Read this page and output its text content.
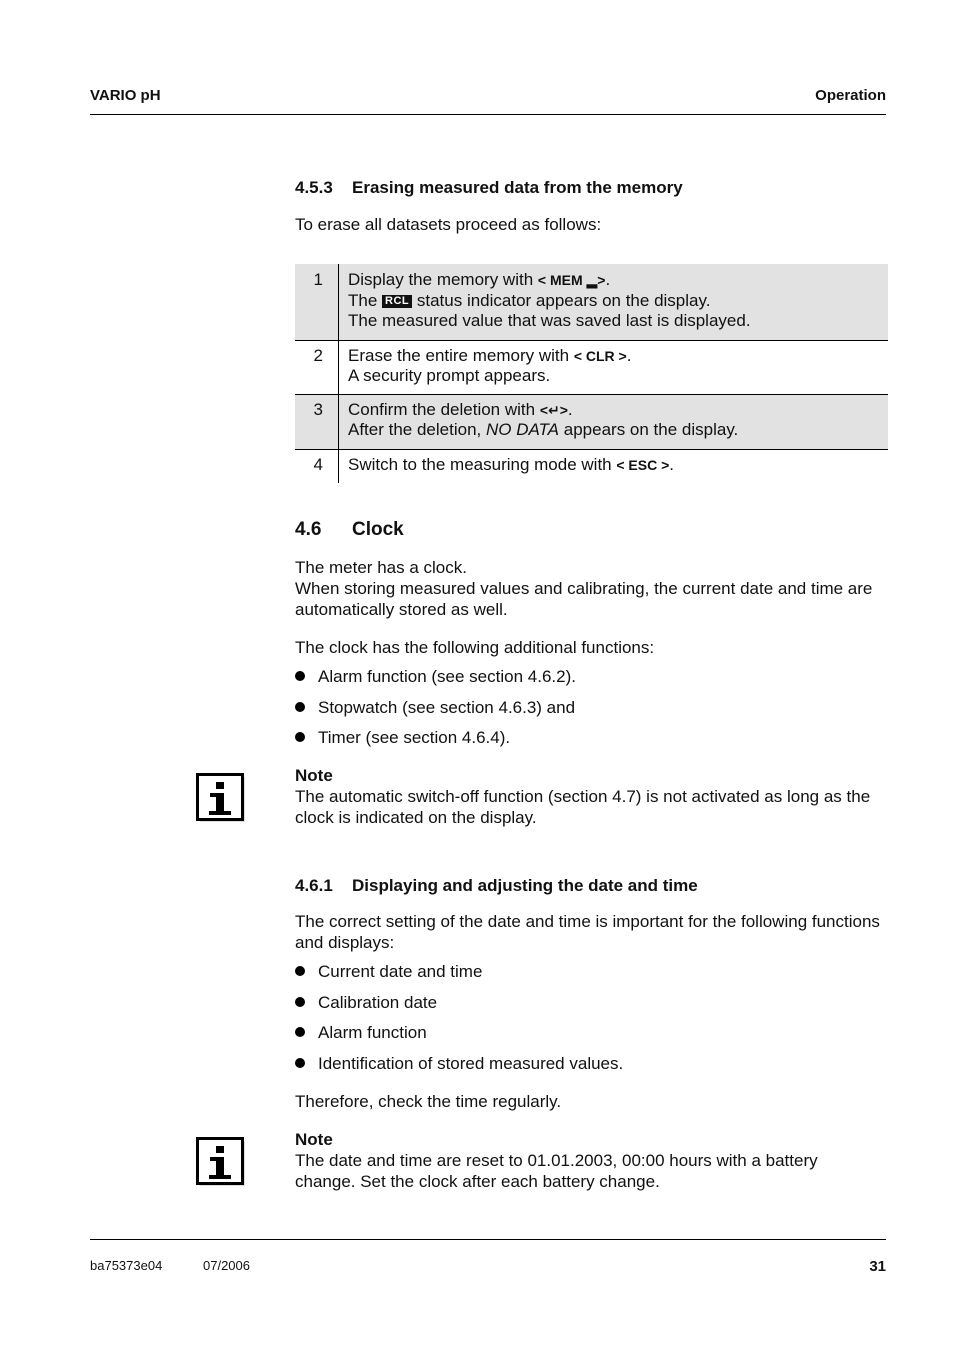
VARIO pH	Operation
4.5.3 Erasing measured data from the memory
To erase all datasets proceed as follows:
1	Display the memory with < MEM ▂>.
The RCL status indicator appears on the display.
The measured value that was saved last is displayed.

2	Erase the entire memory with < CLR >.
A security prompt appears.

3	Confirm the deletion with <↵>.
After the deletion, NO DATA appears on the display.

4	Switch to the measuring mode with < ESC >.
4.6 Clock
The meter has a clock.
When storing measured values and calibrating, the current date and time are automatically stored as well.
The clock has the following additional functions:
Alarm function (see section 4.6.2).
Stopwatch (see section 4.6.3) and
Timer (see section 4.6.4).
Note
The automatic switch-off function (section 4.7) is not activated as long as the clock is indicated on the display.
4.6.1 Displaying and adjusting the date and time
The correct setting of the date and time is important for the following functions and displays:
Current date and time
Calibration date
Alarm function
Identification of stored measured values.
Therefore, check the time regularly.
Note
The date and time are reset to 01.01.2003, 00:00 hours with a battery change. Set the clock after each battery change.
ba75373e04	07/2006	31
